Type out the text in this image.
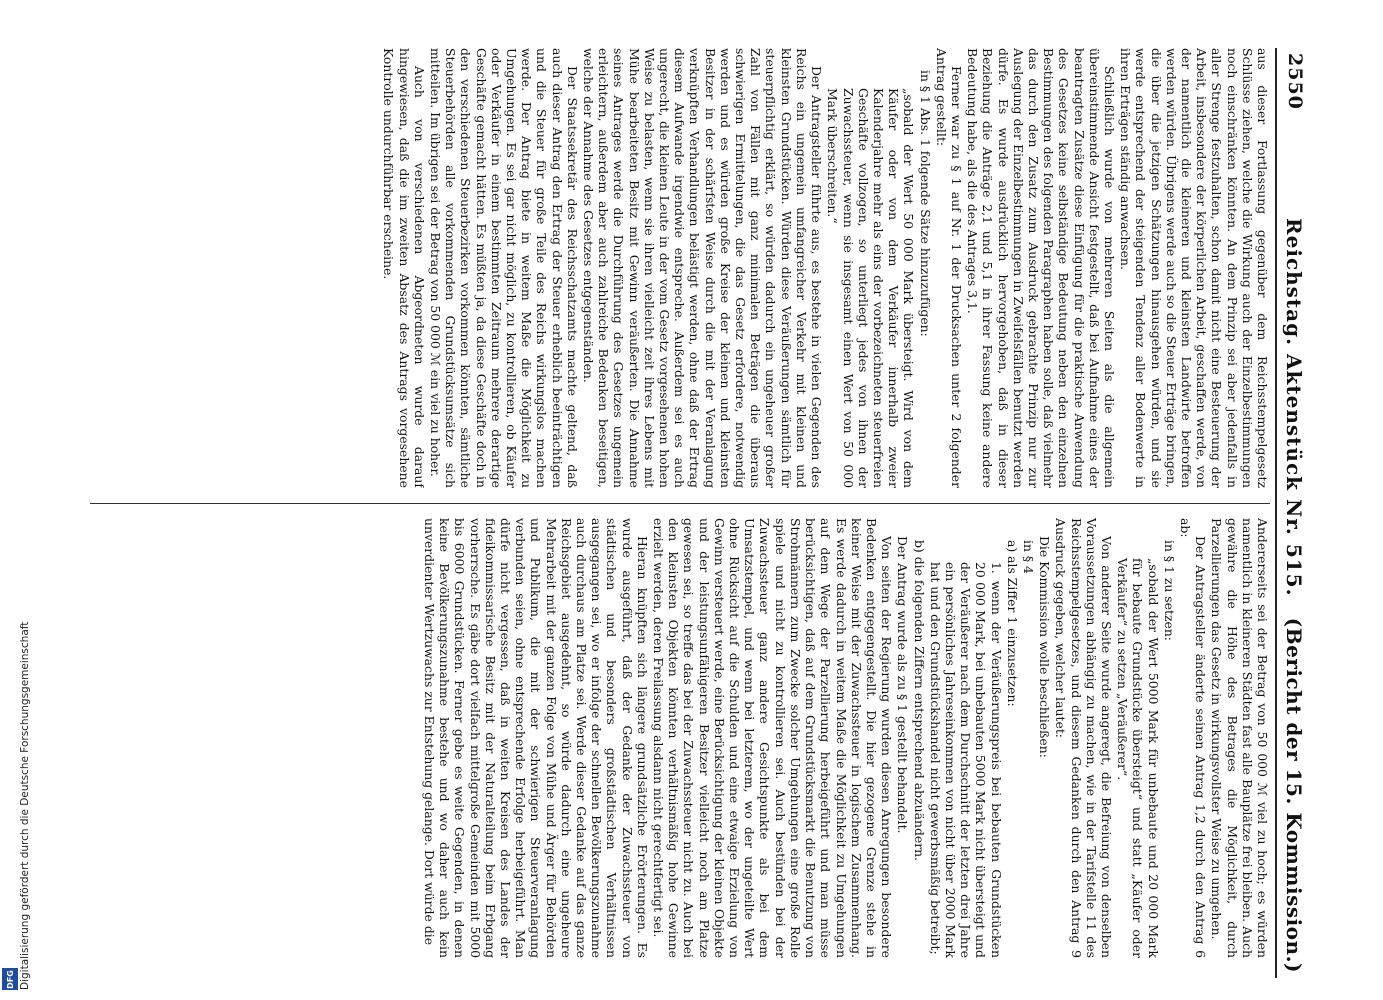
Digitalisierung gefördert durch die Deutsche Forschungsgemeinschaft
DFG
2550
Reichstag. Aktenstück Nr. 515.
(Bericht der 15. Kommission.)

aus dieser Fortlassung gegenüber dem Reichsstempelgesetz Schlüsse ziehen, welche die Wirkung auch der Einzelbestimmungen noch einschränken könnten. An dem Prinzip sei aber jedenfalls in aller Strenge festzuhalten, schon damit nicht eine Besteuerung der Arbeit, insbesondere der körperlichen Arbeit, geschaffen werde, von der namentlich die kleineren und kleinsten Landwirte betroffen werden würden. Übrigens werde auch so die Steuer Erträge bringen, die über die jetzigen Schätzungen hinausgehen würden, und sie werde entsprechend der steigenden Tendenz aller Bodenwerte in ihren Erträgen ständig anwachsen.

Schließlich wurde von mehreren Seiten als die allgemein übereinstimmende Ansicht festgestellt, daß bei Aufnahme eines der beantragten Zusätze diese Einfügung für die praktische Anwendung des Gesetzes keine selbständige Bedeutung neben den einzelnen Bestimmungen des folgenden Paragraphen haben solle, daß vielmehr das durch den Zusatz zum Ausdruck gebrachte Prinzip nur zur Auslegung der Einzelbestimmungen in Zweifelsfällen benutzt werden dürfe. Es wurde ausdrücklich hervorgehoben, daß in dieser Beziehung die Anträge 2,1 und 5,1 in ihrer Fassung keine andere Bedeutung habe, als die des Antrages 3,1.

Ferner war zu § 1 auf Nr. 1 der Drucksachen unter 2 folgender Antrag gestellt:

in § 1 Abs. 1 folgende Sätze hinzuzufügen:

„sobald der Wert 50 000 Mark übersteigt. Wird von dem Käufer oder von dem Verkäufer innerhalb zweier Kalenderjahre mehr als eins der vorbezeichneten steuerfreien Geschäfte vollzogen, so unterliegt jedes von ihnen der Zuwachssteuer, wenn sie insgesamt einen Wert von 50 000 Mark überschreiten.“

Der Antragsteller führte aus, es bestehe in vielen Gegenden des Reichs ein ungemein umfangreicher Verkehr mit kleinen und kleinsten Grundstücken. Würden diese Veräußerungen sämtlich für steuerpflichtig erklärt, so würden dadurch ein ungeheuer großer Zahl von Fällen mit ganz minimalen Beträgen die überaus schwierigen Ermittelungen, die das Gesetz erfordere, notwendig werden und es würden große Kreise der kleinen und kleinsten Besitzer in der schärfsten Weise durch die mit der Veranlagung verknüpften Verhandlungen belästigt werden, ohne daß der Ertrag diesem Aufwande irgendwie entspreche. Außerdem sei es auch ungerecht, die kleinen Leute in der vom Gesetz vorgesehenen hohen Weise zu belasten, wenn sie ihren vielleicht zeit ihres Lebens mit Mühe bearbeiteten Besitz mit Gewinn veräußerten. Die Annahme seines Antrages werde die Durchführung des Gesetzes ungemein erleichtern, außerdem aber auch zahlreiche Bedenken beseitigen, welche der Annahme des Gesetzes entgegenständen.

Der Staatssekretär des Reichsschatzamts machte geltend, daß auch dieser Antrag den Ertrag der Steuer erheblich beeinträchtigen und die Steuer für große Teile des Reichs wirkungslos machen werde. Der Antrag biete in weitem Maße die Möglichkeit zu Umgehungen. Es sei gar nicht möglich, zu kontrollieren, ob Käufer oder Verkäufer in einem bestimmten Zeitraum mehrere derartige Geschäfte gemacht hätten. Es müßten ja, da diese Geschäfte doch in den verschiedenen Steuerbezirken vorkommen könnten, sämtliche Steuerbehörden alle vorkommenden Grundstücksumsätze sich mitteilen. Im übrigen sei der Betrag von 50 000 ℳ ein viel zu hoher.

Auch von verschiedenen Abgeordneten wurde darauf hingewiesen, daß die im zweiten Absatz des Antrags vorgesehene Kontrolle undurchführbar erscheine.

Andererseits sei der Betrag von 50 000 ℳ viel zu hoch; es würden namentlich in kleineren Städten fast alle Bauplätze frei bleiben. Auch gewähre die Höhe des Betrages die Möglichkeit, durch Parzellierungen das Gesetz in wirkungsvollster Weise zu umgehen.

Der Antragsteller änderte seinen Antrag 1,2 durch den Antrag 6 ab:

in § 1 zu setzen:

„sobald der Wert 5000 Mark für unbebaute und 20 000 Mark für bebaute Grundstücke übersteigt“ und statt „Käufer oder Verkäufer“ zu setzen „Veräußerer“.

Von anderer Seite wurde angeregt, die Befreiung von denselben Voraussetzungen abhängig zu machen, wie in der Tarifstelle 11 des Reichsstempelgesetzes, und diesem Gedanken durch den Antrag 9 Ausdruck gegeben, welcher lautet:

Die Kommission wolle beschließen:

in § 4

a) als Ziffer 1 einzusetzen:

1. wenn der Veräußerungspreis bei bebauten Grundstücken 20 000 Mark, bei unbebauten 5000 Mark nicht übersteigt und der Veräußerer nach dem Durchschnitt der letzten drei Jahre ein persönliches Jahreseinkommen von nicht über 2000 Mark hat und den Grundstückshandel nicht gewerbsmäßig betreibt;

b) die folgenden Ziffern entsprechend abzuändern.

Der Antrag wurde als zu § 1 gestellt behandelt.

Von seiten der Regierung wurden diesen Anregungen besondere Bedenken entgegengestellt. Die hier gezogene Grenze stehe in keiner Weise mit der Zuwachssteuer in logischem Zusammenhang. Es werde dadurch in weitem Maße die Möglichkeit zu Umgehungen auf dem Wege der Parzellierung herbeigeführt und man müsse berücksichtigen, daß auf dem Grundstücksmarkt die Benutzung von Strohmännern zum Zwecke solcher Umgehungen eine große Rolle spiele und nicht zu kontrollieren sei. Auch bestünden bei der Zuwachssteuer ganz andere Gesichtspunkte als bei dem Umsatzstempel, und wenn bei letzterem, wo der ungeteilte Wert ohne Rücksicht auf die Schulden und eine etwaige Erzielung von Gewinn versteuert werde, eine Berücksichtigung der kleinen Objekte und der leistungsunfähigeren Besitzer vielleicht noch am Platze gewesen sei, so treffe das bei der Zuwachssteuer nicht zu. Auch bei den kleinsten Objekten könnten verhältnismäßig hohe Gewinne erzielt werden, deren Freilassung alsdann nicht gerechtfertigt sei.

Hieran knüpften sich längere grundsätzliche Erörterungen. Es wurde ausgeführt, daß der Gedanke der Zuwachssteuer von städtischen und besonders großstädtischen Verhältnissen ausgegangen sei, wo er infolge der schnellen Bevölkerungszunahme auch durchaus am Platze sei. Werde dieser Gedanke auf das ganze Reichsgebiet ausgedehnt, so würde dadurch eine ungeheure Mehrarbeit mit der ganzen Folge von Mühe und Ärger für Behörden und Publikum, die mit der schwierigen Steuerveranlagung verbunden seien, ohne entsprechende Erfolge herbeigeführt. Man dürfe nicht vergessen, daß in weiten Kreisen des Landes der fideikommissarische Besitz mit der Naturalteilung beim Erbgang vorherrsche. Es gäbe dort vielfach mittelgroße Gemeinden mit 5000 bis 6000 Grundstücken. Ferner gebe es weite Gegenden, in denen keine Bevölkerungszunahme bestehe und wo daher auch kein unverdienter Wertzuwachs zur Entstehung gelange. Dort würde die
